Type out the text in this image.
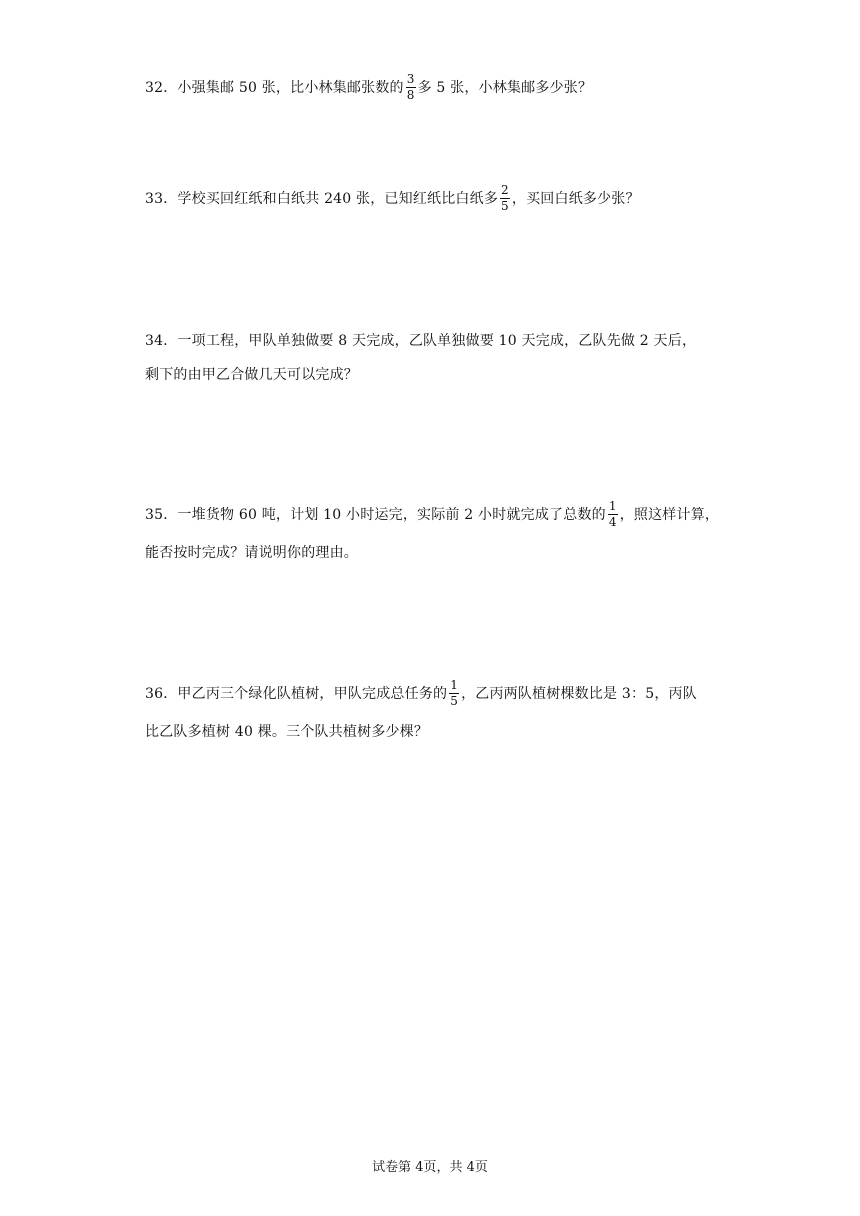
32．小强集邮 50 张，比小林集邮张数的 $\frac{3}{8}$ 多 5 张，小林集邮多少张？
33．学校买回红纸和白纸共 240 张，已知红纸比白纸多 $\frac{2}{5}$ ，买回白纸多少张？
34．一项工程，甲队单独做要 8 天完成，乙队单独做要 10 天完成，乙队先做 2 天后，
剩下的由甲乙合做几天可以完成？
35．一堆货物 60 吨，计划 10 小时运完，实际前 2 小时就完成了总数的 $\frac{1}{4}$ ，照这样计算，
能否按时完成？请说明你的理由。
36．甲乙丙三个绿化队植树，甲队完成总任务的 $\frac{1}{5}$ ，乙丙两队植树棵数比是 3：5，丙队
比乙队多植树 40 棵。三个队共植树多少棵？
试卷第 4页，共 4页
